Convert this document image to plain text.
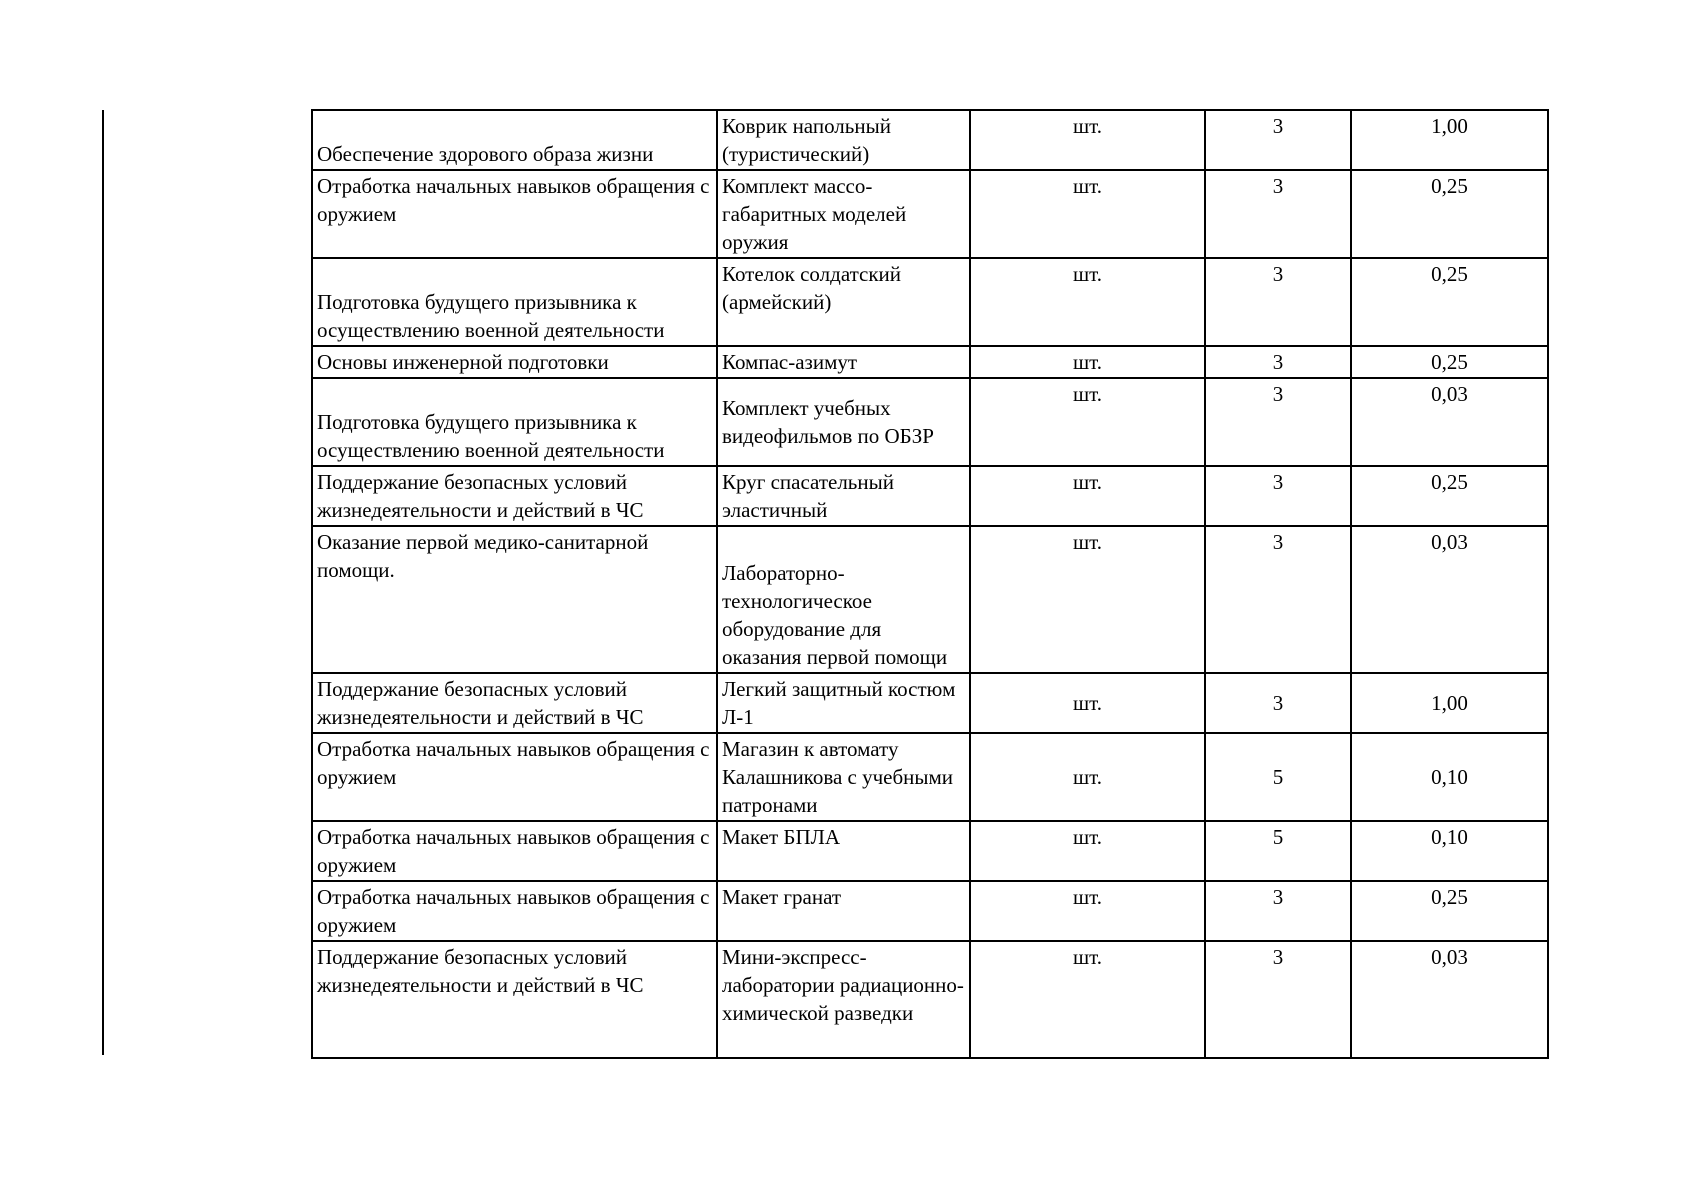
Обеспечение здорового образа жизни	Коврик напольный (туристический)	шт.	3	1,00
Отработка начальных навыков обращения с оружием	Комплект массо-габаритных моделей оружия	шт.	3	0,25
Подготовка будущего призывника к осуществлению военной деятельности	Котелок солдатский (армейский)	шт.	3	0,25
Основы инженерной подготовки	Компас-азимут	шт.	3	0,25
Подготовка будущего призывника к осуществлению военной деятельности	Комплект учебных видеофильмов по ОБЗР	шт.	3	0,03
Поддержание безопасных условий жизнедеятельности и действий в ЧС	Круг спасательный эластичный	шт.	3	0,25
Оказание первой медико-санитарной помощи.	Лабораторно-технологическое оборудование для оказания первой помощи	шт.	3	0,03
Поддержание безопасных условий жизнедеятельности и действий в ЧС	Легкий защитный костюм Л-1	шт.	3	1,00
Отработка начальных навыков обращения с оружием	Магазин к автомату Калашникова с учебными патронами	шт.	5	0,10
Отработка начальных навыков обращения с оружием	Макет БПЛА	шт.	5	0,10
Отработка начальных навыков обращения с оружием	Макет гранат	шт.	3	0,25
Поддержание безопасных условий жизнедеятельности и действий в ЧС	Мини-экспресс-лаборатории радиационно-химической разведки	шт.	3	0,03
